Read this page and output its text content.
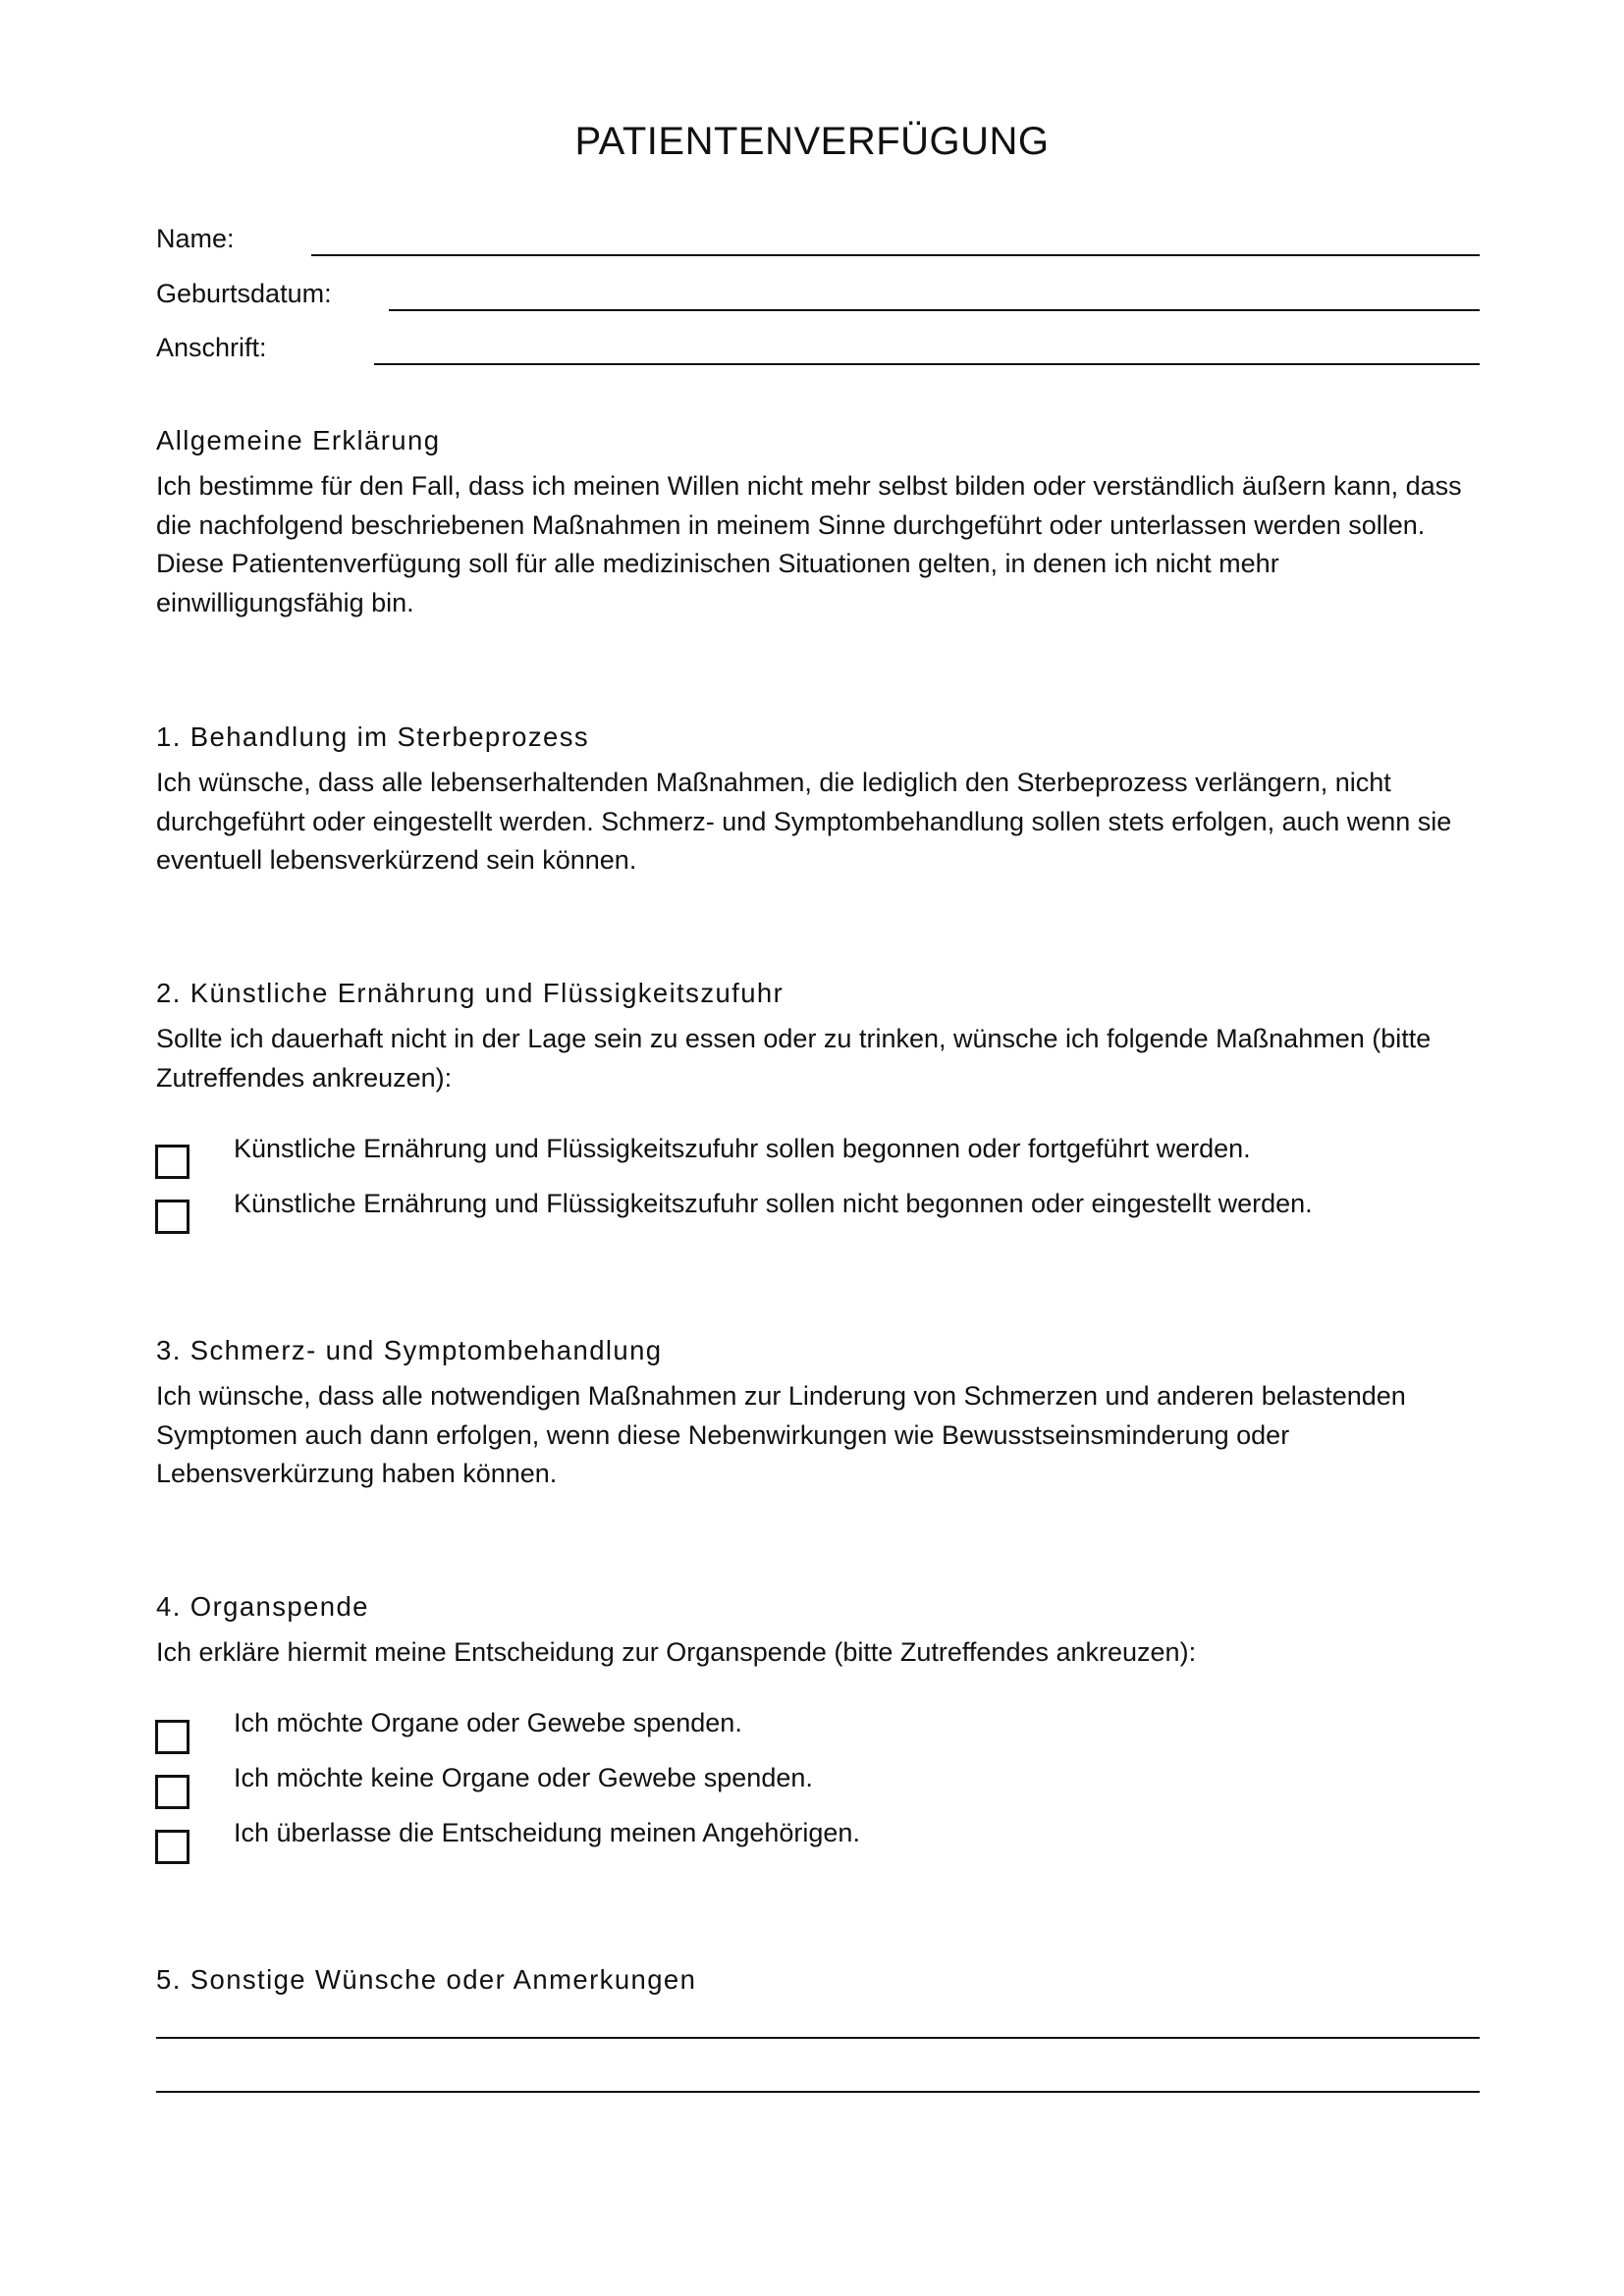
PATIENTENVERFÜGUNG
Name:
Geburtsdatum:
Anschrift:
Allgemeine Erklärung
Ich bestimme für den Fall, dass ich meinen Willen nicht mehr selbst bilden oder verständlich äußern kann, dass die nachfolgend beschriebenen Maßnahmen in meinem Sinne durchgeführt oder unterlassen werden sollen. Diese Patientenverfügung soll für alle medizinischen Situationen gelten, in denen ich nicht mehr einwilligungsfähig bin.
1. Behandlung im Sterbeprozess
Ich wünsche, dass alle lebenserhaltenden Maßnahmen, die lediglich den Sterbeprozess verlängern, nicht durchgeführt oder eingestellt werden. Schmerz- und Symptombehandlung sollen stets erfolgen, auch wenn sie eventuell lebensverkürzend sein können.
2. Künstliche Ernährung und Flüssigkeitszufuhr
Sollte ich dauerhaft nicht in der Lage sein zu essen oder zu trinken, wünsche ich folgende Maßnahmen (bitte Zutreffendes ankreuzen):
Künstliche Ernährung und Flüssigkeitszufuhr sollen begonnen oder fortgeführt werden.
Künstliche Ernährung und Flüssigkeitszufuhr sollen nicht begonnen oder eingestellt werden.
3. Schmerz- und Symptombehandlung
Ich wünsche, dass alle notwendigen Maßnahmen zur Linderung von Schmerzen und anderen belastenden Symptomen auch dann erfolgen, wenn diese Nebenwirkungen wie Bewusstseinsminderung oder Lebensverkürzung haben können.
4. Organspende
Ich erkläre hiermit meine Entscheidung zur Organspende (bitte Zutreffendes ankreuzen):
Ich möchte Organe oder Gewebe spenden.
Ich möchte keine Organe oder Gewebe spenden.
Ich überlasse die Entscheidung meinen Angehörigen.
5. Sonstige Wünsche oder Anmerkungen
